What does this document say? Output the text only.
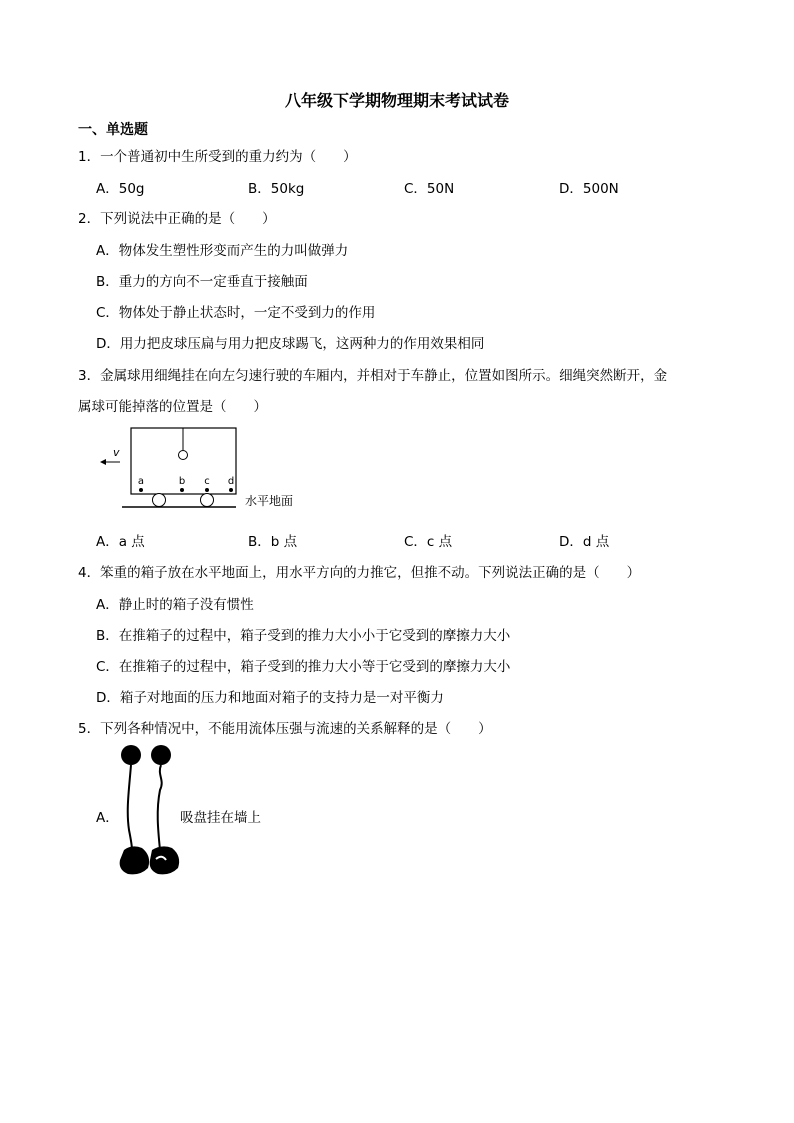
八年级下学期物理期末考试试卷
一、单选题
1．一个普通初中生所受到的重力约为（　　）
A．50g	B．50kg	C．50N	D．500N
2．下列说法中正确的是（　　）
A．物体发生塑性形变而产生的力叫做弹力
B．重力的方向不一定垂直于接触面
C．物体处于静止状态时，一定不受到力的作用
D．用力把皮球压扁与用力把皮球踢飞，这两种力的作用效果相同
3．金属球用细绳挂在向左匀速行驶的车厢内，并相对于车静止，位置如图所示。细绳突然断开，金
属球可能掉落的位置是（　　）
v
a	b c d
水平地面
A．a 点	B．b 点	C．c 点	D．d 点
4．笨重的箱子放在水平地面上，用水平方向的力推它，但推不动。下列说法正确的是（　　）
A．静止时的箱子没有惯性
B．在推箱子的过程中，箱子受到的推力大小小于它受到的摩擦力大小
C．在推箱子的过程中，箱子受到的推力大小等于它受到的摩擦力大小
D．箱子对地面的压力和地面对箱子的支持力是一对平衡力
5．下列各种情况中，不能用流体压强与流速的关系解释的是（　　）
A．	吸盘挂在墙上
